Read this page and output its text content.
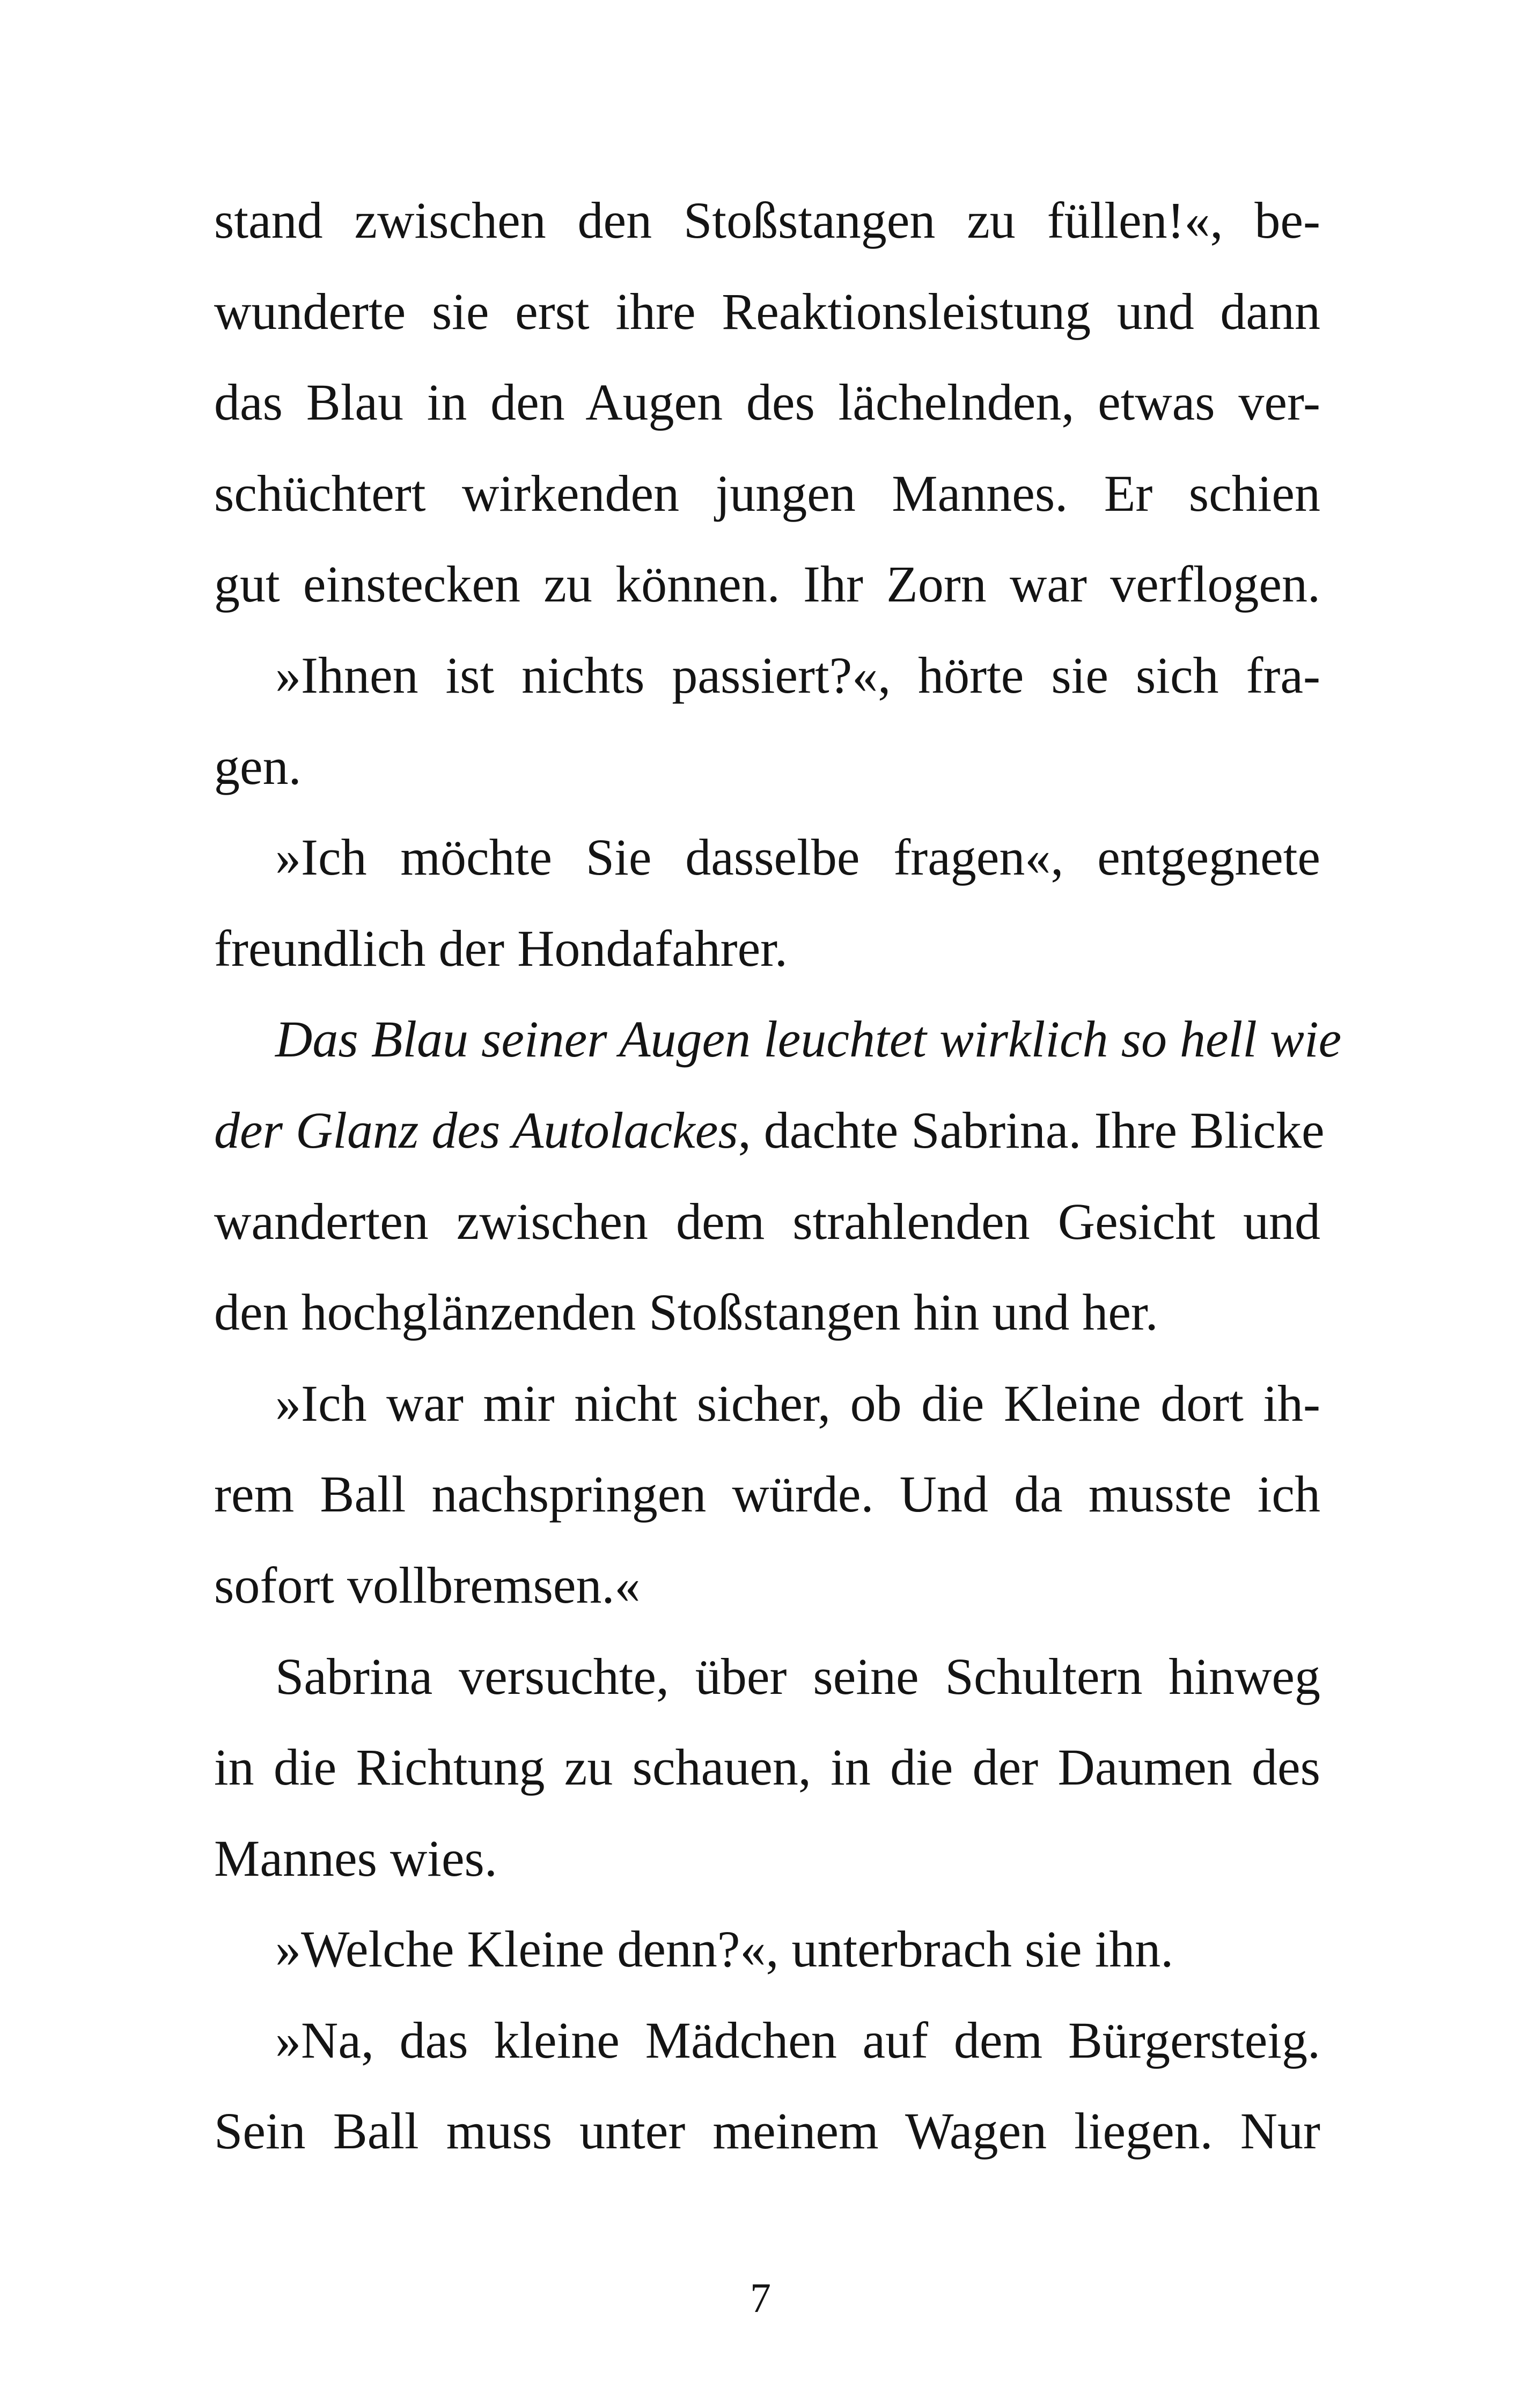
stand zwischen den Stoßstangen zu füllen!«, be-
wunderte sie erst ihre Reaktionsleistung und dann
das Blau in den Augen des lächelnden, etwas ver-
schüchtert wirkenden jungen Mannes. Er schien
gut einstecken zu können. Ihr Zorn war verflogen.
»Ihnen ist nichts passiert?«, hörte sie sich fra-
gen.
»Ich möchte Sie dasselbe fragen«, entgegnete
freundlich der Hondafahrer.
Das Blau seiner Augen leuchtet wirklich so hell wie
der Glanz des Autolackes, dachte Sabrina. Ihre Blicke
wanderten zwischen dem strahlenden Gesicht und
den hochglänzenden Stoßstangen hin und her.
»Ich war mir nicht sicher, ob die Kleine dort ih-
rem Ball nachspringen würde. Und da musste ich
sofort vollbremsen.«
Sabrina versuchte, über seine Schultern hinweg
in die Richtung zu schauen, in die der Daumen des
Mannes wies.
»Welche Kleine denn?«, unterbrach sie ihn.
»Na, das kleine Mädchen auf dem Bürgersteig.
Sein Ball muss unter meinem Wagen liegen. Nur
7
